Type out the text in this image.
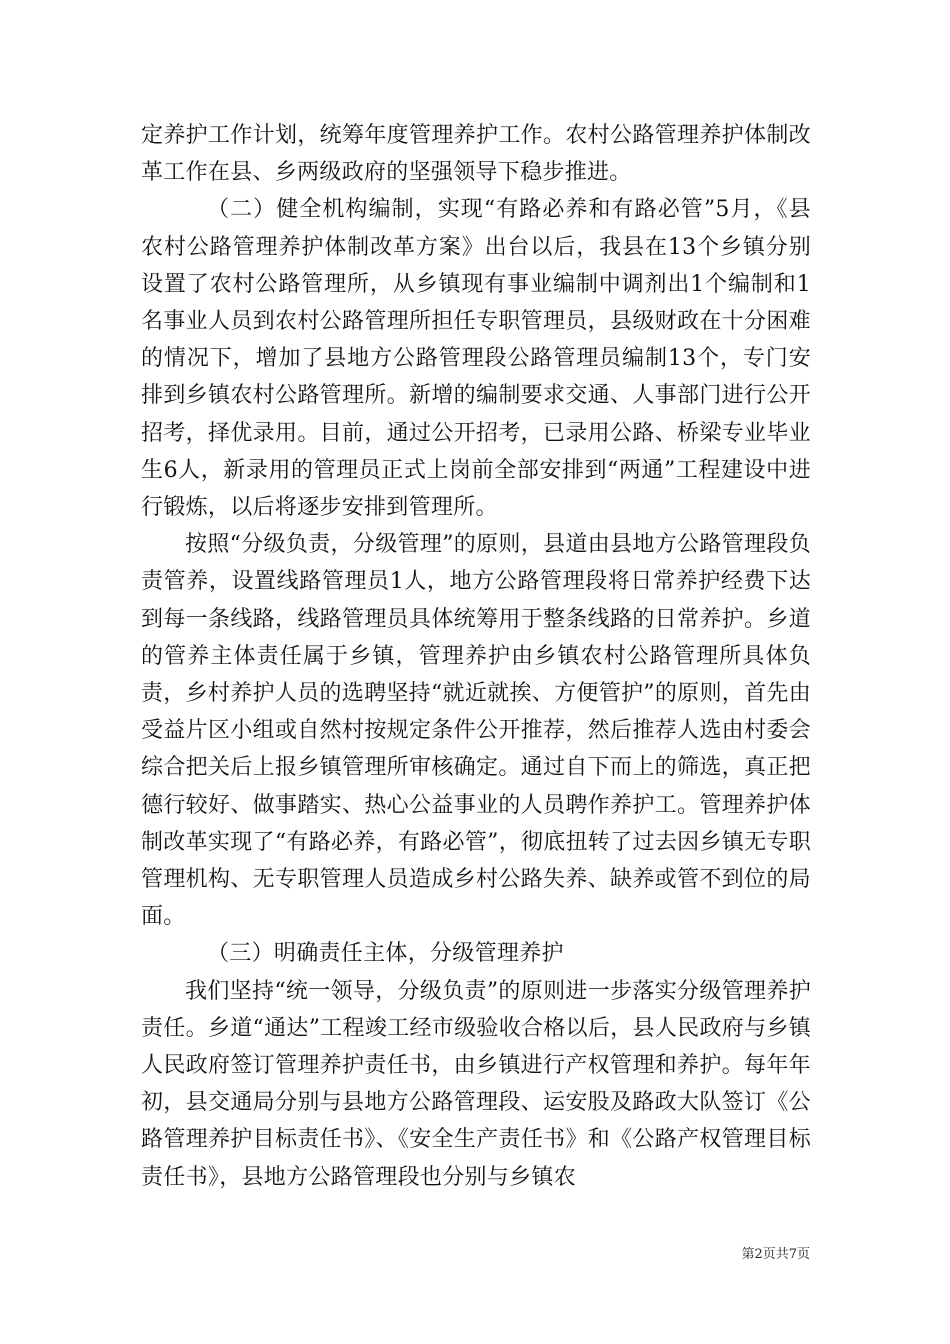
定养护工作计划，统筹年度管理养护工作。农村公路管理养护体制改革工作在县、乡两级政府的坚强领导下稳步推进。

（二）健全机构编制，实现“有路必养和有路必管”5月，《县农村公路管理养护体制改革方案》出台以后，我县在13个乡镇分别设置了农村公路管理所，从乡镇现有事业编制中调剂出1个编制和1名事业人员到农村公路管理所担任专职管理员，县级财政在十分困难的情况下，增加了县地方公路管理段公路管理员编制13个，专门安排到乡镇农村公路管理所。新增的编制要求交通、人事部门进行公开招考，择优录用。目前，通过公开招考，已录用公路、桥梁专业毕业生6人，新录用的管理员正式上岗前全部安排到“两通”工程建设中进行锻炼，以后将逐步安排到管理所。

按照“分级负责，分级管理”的原则，县道由县地方公路管理段负责管养，设置线路管理员1人，地方公路管理段将日常养护经费下达到每一条线路，线路管理员具体统筹用于整条线路的日常养护。乡道的管养主体责任属于乡镇，管理养护由乡镇农村公路管理所具体负责，乡村养护人员的选聘坚持“就近就挨、方便管护”的原则，首先由受益片区小组或自然村按规定条件公开推荐，然后推荐人选由村委会综合把关后上报乡镇管理所审核确定。通过自下而上的筛选，真正把德行较好、做事踏实、热心公益事业的人员聘作养护工。管理养护体制改革实现了“有路必养，有路必管”，彻底扭转了过去因乡镇无专职管理机构、无专职管理人员造成乡村公路失养、缺养或管不到位的局面。

（三）明确责任主体，分级管理养护

我们坚持“统一领导，分级负责”的原则进一步落实分级管理养护责任。乡道“通达”工程竣工经市级验收合格以后，县人民政府与乡镇人民政府签订管理养护责任书，由乡镇进行产权管理和养护。每年年初，县交通局分别与县地方公路管理段、运安股及路政大队签订《公路管理养护目标责任书》、《安全生产责任书》和《公路产权管理目标责任书》，县地方公路管理段也分别与乡镇农

第2页共7页
